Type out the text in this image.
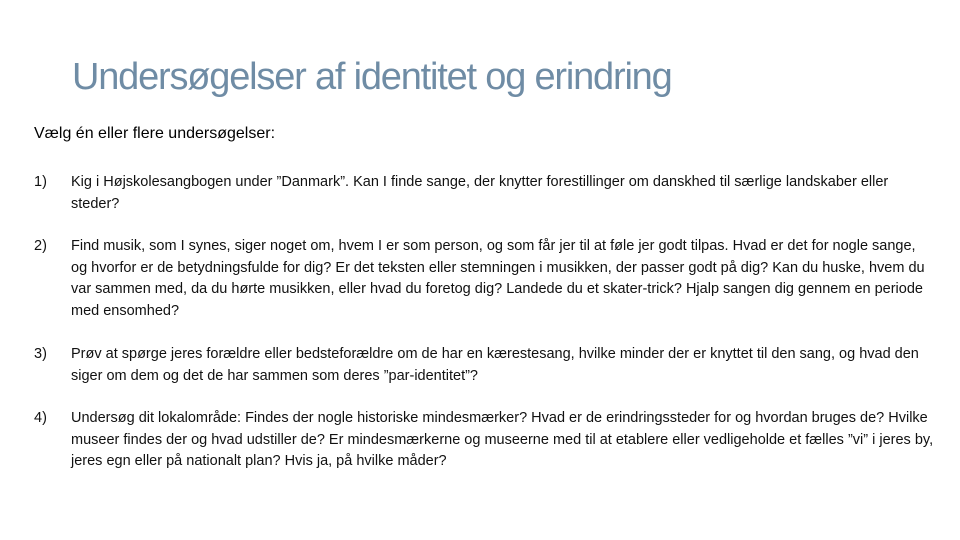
Undersøgelser af identitet og erindring

Vælg én eller flere undersøgelser:

1)	Kig i Højskolesangbogen under ”Danmark”. Kan I finde sange, der knytter forestillinger om danskhed til særlige landskaber eller steder?
2)	Find musik, som I synes, siger noget om, hvem I er som person, og som får jer til at føle jer godt tilpas. Hvad er det for nogle sange, og hvorfor er de betydningsfulde for dig? Er det teksten eller stemningen i musikken, der passer godt på dig? Kan du huske, hvem du var sammen med, da du hørte musikken, eller hvad du foretog dig? Landede du et skater-trick? Hjalp sangen dig gennem en periode med ensomhed?
3)	Prøv at spørge jeres forældre eller bedsteforældre om de har en kærestesang, hvilke minder der er knyttet til den sang, og hvad den siger om dem og det de har sammen som deres ”par-identitet”?
4)	Undersøg dit lokalområde: Findes der nogle historiske mindesmærker? Hvad er de erindringssteder for og hvordan bruges de? Hvilke museer findes der og hvad udstiller de? Er mindesmærkerne og museerne med til at etablere eller vedligeholde et fælles ”vi” i jeres by, jeres egn eller på nationalt plan? Hvis ja, på hvilke måder?
